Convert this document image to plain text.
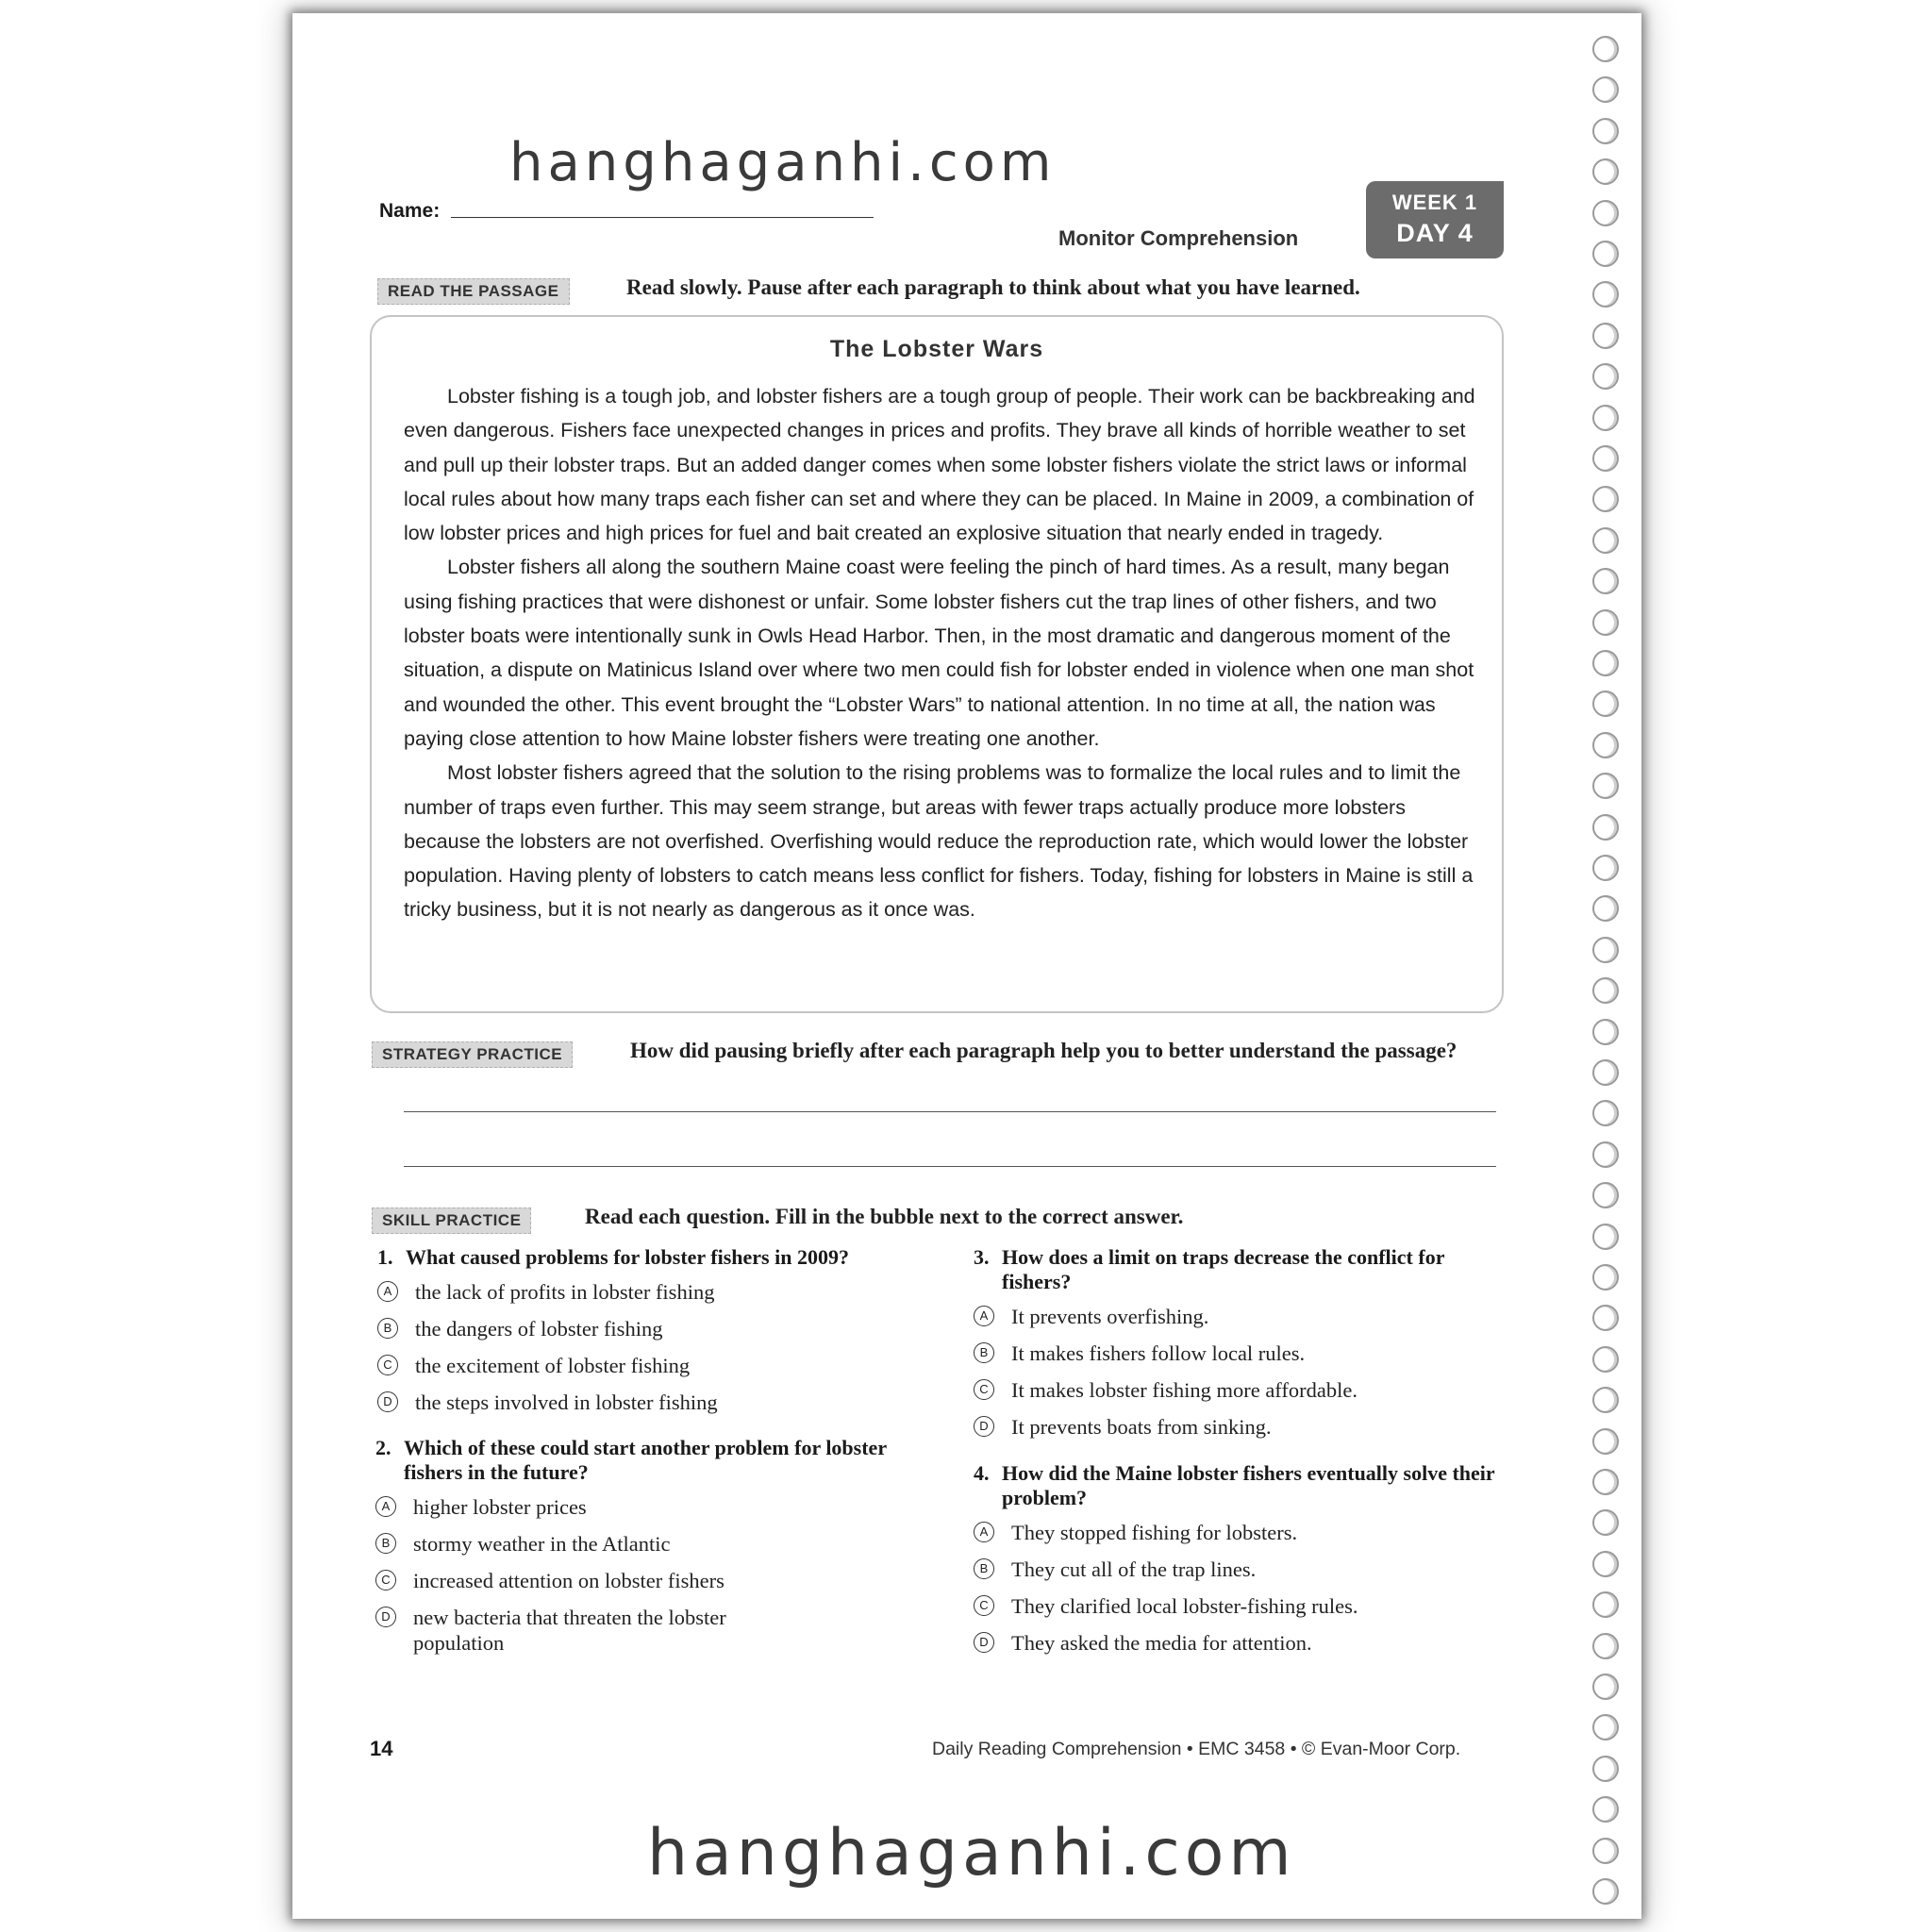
hanghaganhi.com
Name:
Monitor Comprehension
WEEK 1
DAY 4
READ THE PASSAGE	Read slowly. Pause after each paragraph to think about what you have learned.
The Lobster Wars

Lobster fishing is a tough job, and lobster fishers are a tough group of people. Their work can be backbreaking and even dangerous. Fishers face unexpected changes in prices and profits. They brave all kinds of horrible weather to set and pull up their lobster traps. But an added danger comes when some lobster fishers violate the strict laws or informal local rules about how many traps each fisher can set and where they can be placed. In Maine in 2009, a combination of low lobster prices and high prices for fuel and bait created an explosive situation that nearly ended in tragedy.

Lobster fishers all along the southern Maine coast were feeling the pinch of hard times. As a result, many began using fishing practices that were dishonest or unfair. Some lobster fishers cut the trap lines of other fishers, and two lobster boats were intentionally sunk in Owls Head Harbor. Then, in the most dramatic and dangerous moment of the situation, a dispute on Matinicus Island over where two men could fish for lobster ended in violence when one man shot and wounded the other. This event brought the “Lobster Wars” to national attention. In no time at all, the nation was paying close attention to how Maine lobster fishers were treating one another.

Most lobster fishers agreed that the solution to the rising problems was to formalize the local rules and to limit the number of traps even further. This may seem strange, but areas with fewer traps actually produce more lobsters because the lobsters are not overfished. Overfishing would reduce the reproduction rate, which would lower the lobster population. Having plenty of lobsters to catch means less conflict for fishers. Today, fishing for lobsters in Maine is still a tricky business, but it is not nearly as dangerous as it once was.

STRATEGY PRACTICE	How did pausing briefly after each paragraph help you to better understand the passage?
SKILL PRACTICE	Read each question. Fill in the bubble next to the correct answer.
1. What caused problems for lobster fishers in 2009?
A the lack of profits in lobster fishing
B the dangers of lobster fishing
C the excitement of lobster fishing
D the steps involved in lobster fishing
2. Which of these could start another problem for lobster fishers in the future?
A higher lobster prices
B stormy weather in the Atlantic
C increased attention on lobster fishers
D new bacteria that threaten the lobster population
3. How does a limit on traps decrease the conflict for fishers?
A It prevents overfishing.
B It makes fishers follow local rules.
C It makes lobster fishing more affordable.
D It prevents boats from sinking.
4. How did the Maine lobster fishers eventually solve their problem?
A They stopped fishing for lobsters.
B They cut all of the trap lines.
C They clarified local lobster-fishing rules.
D They asked the media for attention.
14	Daily Reading Comprehension • EMC 3458 • © Evan-Moor Corp.
hanghaganhi.com
